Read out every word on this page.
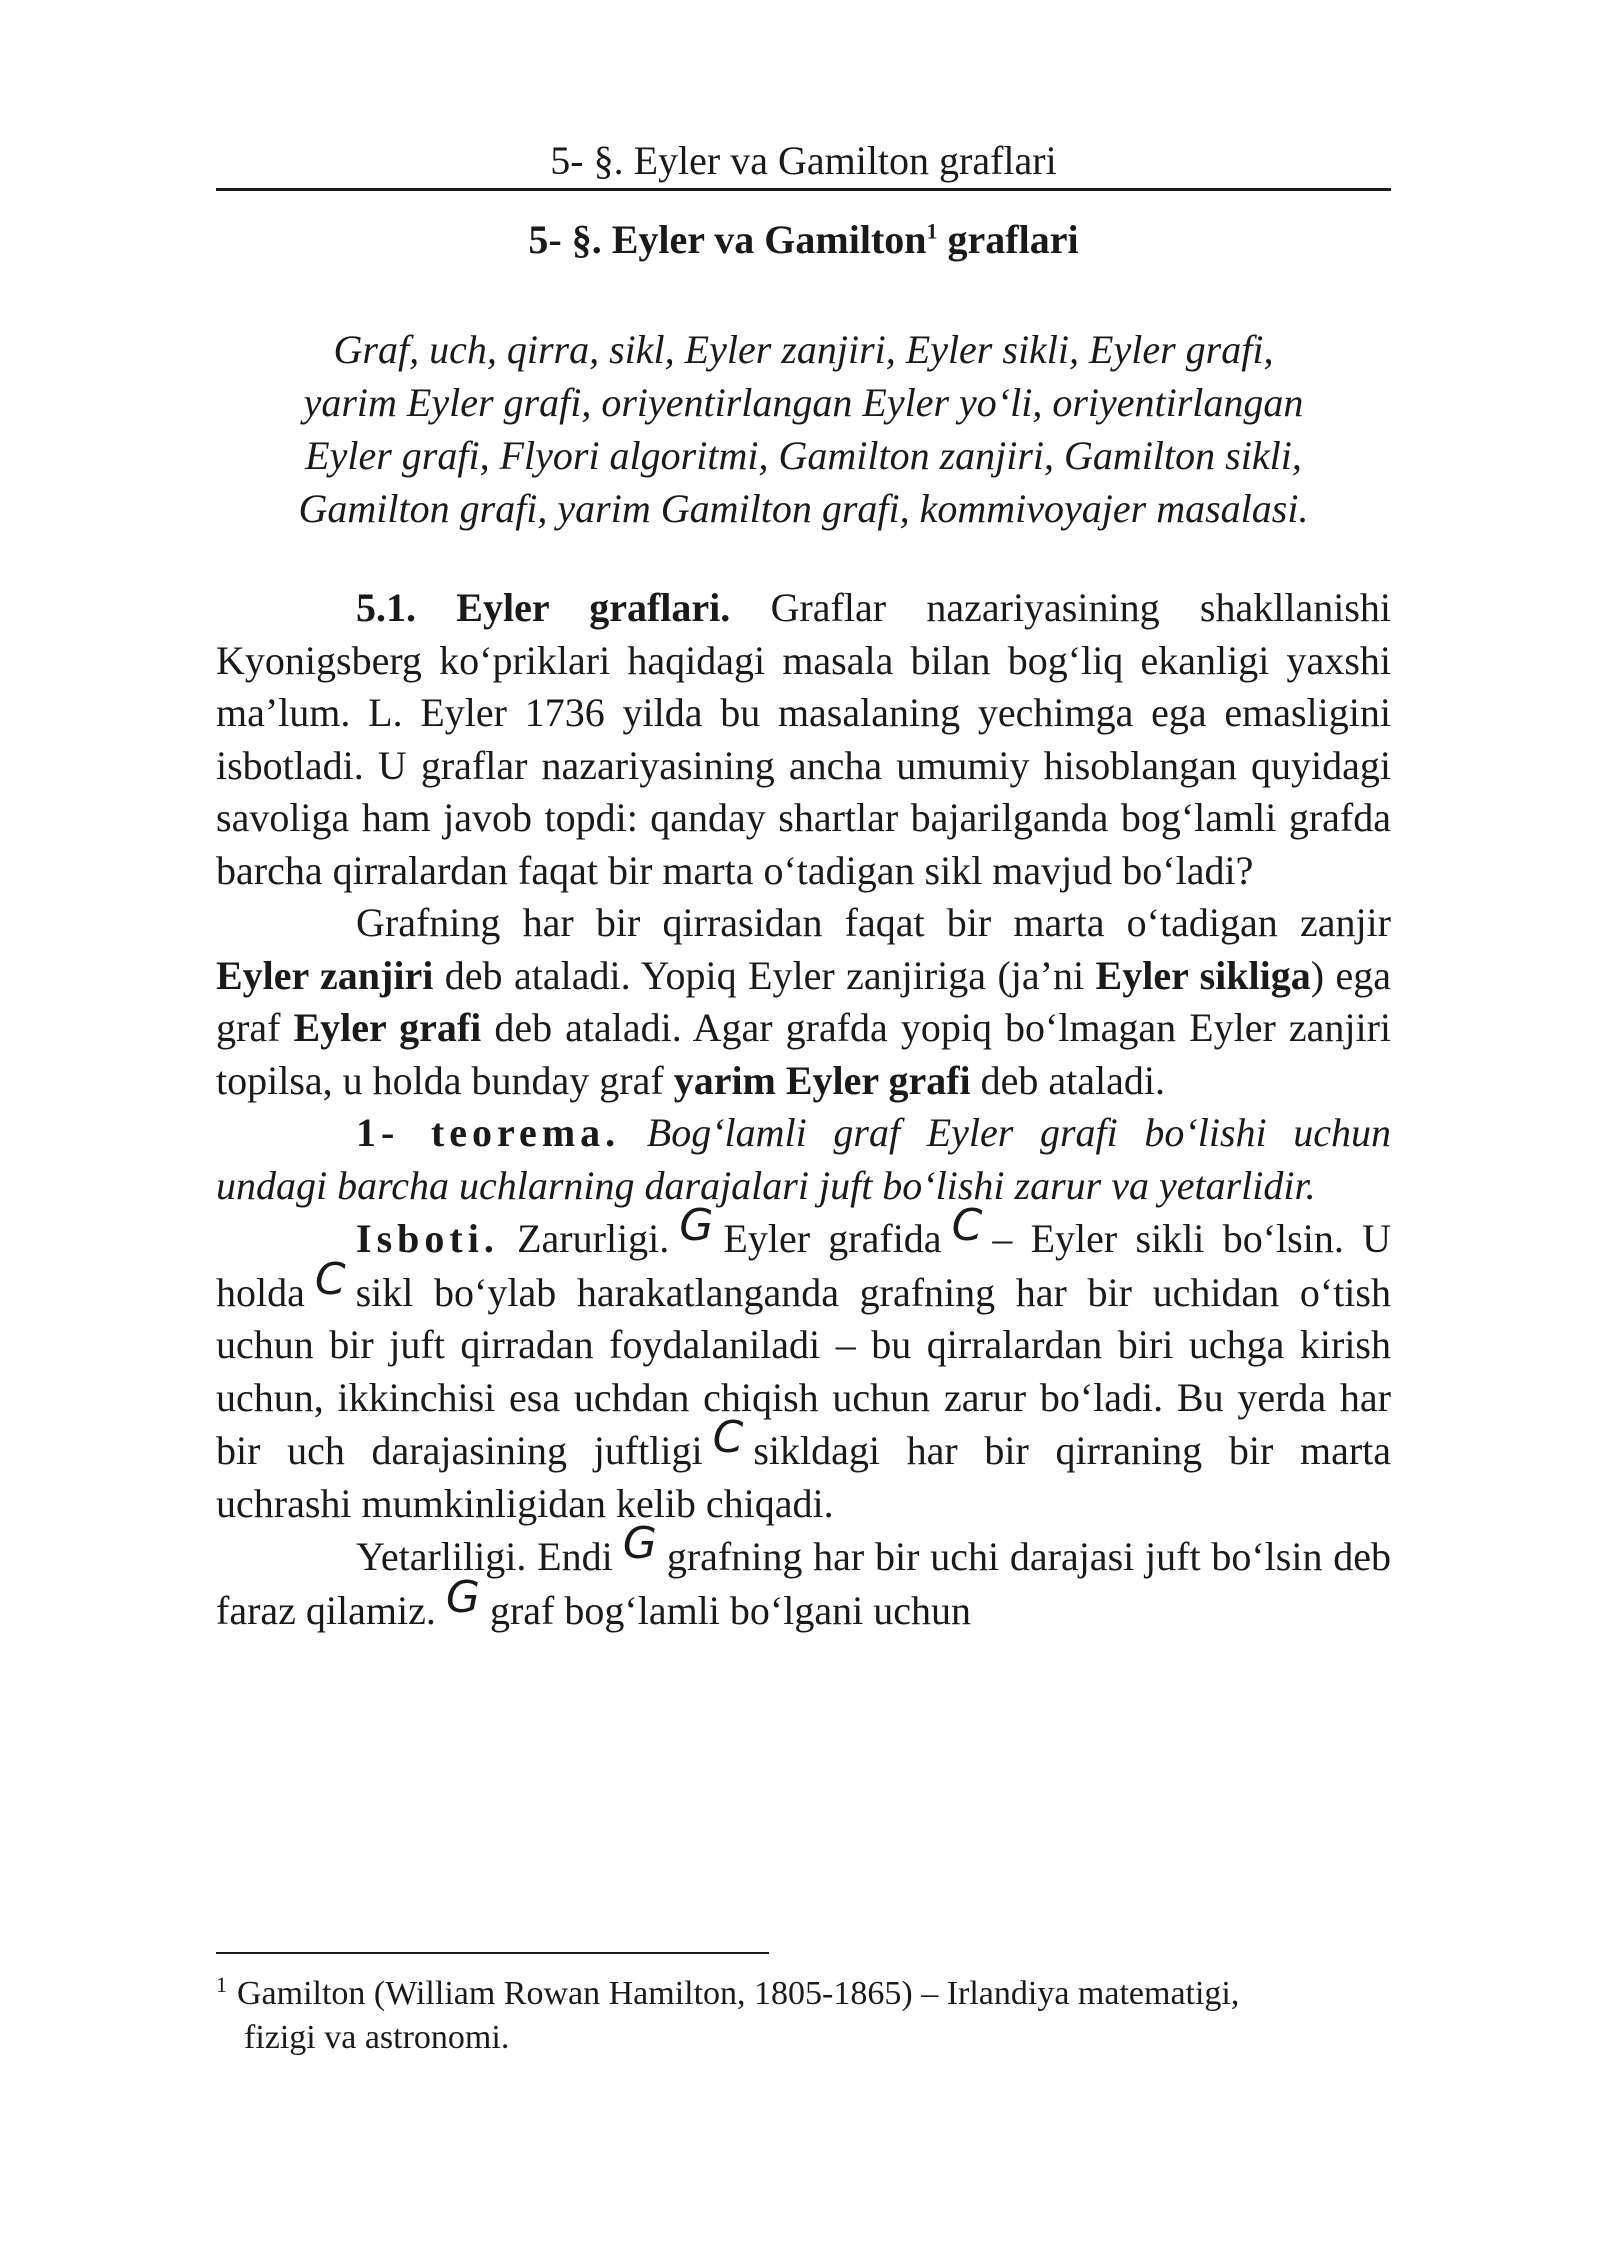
5- §. Eyler va Gamilton graflari
5- §. Eyler va Gamilton$^1$ graflari
Graf, uch, qirra, sikl, Eyler zanjiri, Eyler sikli, Eyler grafi,
yarim Eyler grafi, oriyentirlangan Eyler yo‘li, oriyentirlangan
Eyler grafi, Flyori algoritmi, Gamilton zanjiri, Gamilton sikli,
Gamilton grafi, yarim Gamilton grafi, kommivoyajer masalasi.

5.1. Eyler graflari. Graflar nazariyasining shakllanishi Kyonigsberg ko‘priklari haqidagi masala bilan bog‘liq ekanligi yaxshi ma’lum. L. Eyler 1736 yilda bu masalaning yechimga ega emasligini isbotladi. U graflar nazariyasining ancha umumiy hisoblangan quyidagi savoliga ham javob topdi: qanday shartlar bajarilganda bog‘lamli grafda barcha qirralardan faqat bir marta o‘tadigan sikl mavjud bo‘ladi?

Grafning har bir qirrasidan faqat bir marta o‘tadigan zanjir Eyler zanjiri deb ataladi. Yopiq Eyler zanjiriga (ja’ni Eyler sikliga) ega graf Eyler grafi deb ataladi. Agar grafda yopiq bo‘lmagan Eyler zanjiri topilsa, u holda bunday graf yarim Eyler grafi deb ataladi.

1- teorema. Bog‘lamli graf Eyler grafi bo‘lishi uchun undagi barcha uchlarning darajalari juft bo‘lishi zarur va yetarlidir.

Isboti. Zarurligi. G Eyler grafida C – Eyler sikli bo‘lsin. U holda C sikl bo‘ylab harakatlanganda grafning har bir uchidan o‘tish uchun bir juft qirradan foydalaniladi – bu qirralardan biri uchga kirish uchun, ikkinchisi esa uchdan chiqish uchun zarur bo‘ladi. Bu yerda har bir uch darajasining juftligi C sikldagi har bir qirraning bir marta uchrashi mumkinligidan kelib chiqadi.

Yetarliligi. Endi G grafning har bir uchi darajasi juft bo‘lsin deb faraz qilamiz. G graf bog‘lamli bo‘lgani uchun

$^1$ Gamilton (William Rowan Hamilton, 1805-1865) – Irlandiya matematigi,
fizigi va astronomi.
